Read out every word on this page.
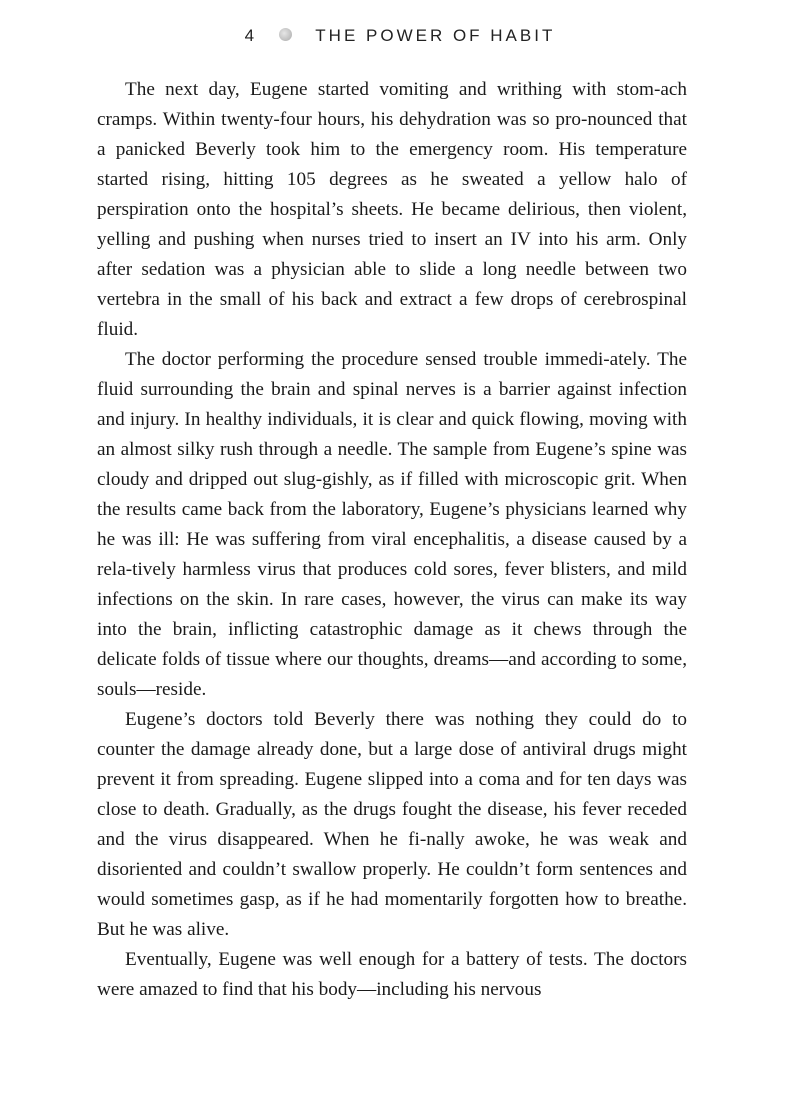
4	THE POWER OF HABIT

The next day, Eugene started vomiting and writhing with stom-ach cramps. Within twenty-four hours, his dehydration was so pro-nounced that a panicked Beverly took him to the emergency room. His temperature started rising, hitting 105 degrees as he sweated a yellow halo of perspiration onto the hospital’s sheets. He became delirious, then violent, yelling and pushing when nurses tried to insert an IV into his arm. Only after sedation was a physician able to slide a long needle between two vertebra in the small of his back and extract a few drops of cerebrospinal fluid.

The doctor performing the procedure sensed trouble immedi-ately. The fluid surrounding the brain and spinal nerves is a barrier against infection and injury. In healthy individuals, it is clear and quick flowing, moving with an almost silky rush through a needle. The sample from Eugene’s spine was cloudy and dripped out slug-gishly, as if filled with microscopic grit. When the results came back from the laboratory, Eugene’s physicians learned why he was ill: He was suffering from viral encephalitis, a disease caused by a rela-tively harmless virus that produces cold sores, fever blisters, and mild infections on the skin. In rare cases, however, the virus can make its way into the brain, inflicting catastrophic damage as it chews through the delicate folds of tissue where our thoughts, dreams—and according to some, souls—reside.

Eugene’s doctors told Beverly there was nothing they could do to counter the damage already done, but a large dose of antiviral drugs might prevent it from spreading. Eugene slipped into a coma and for ten days was close to death. Gradually, as the drugs fought the disease, his fever receded and the virus disappeared. When he fi-nally awoke, he was weak and disoriented and couldn’t swallow properly. He couldn’t form sentences and would sometimes gasp, as if he had momentarily forgotten how to breathe. But he was alive.

Eventually, Eugene was well enough for a battery of tests. The doctors were amazed to find that his body—including his nervous
